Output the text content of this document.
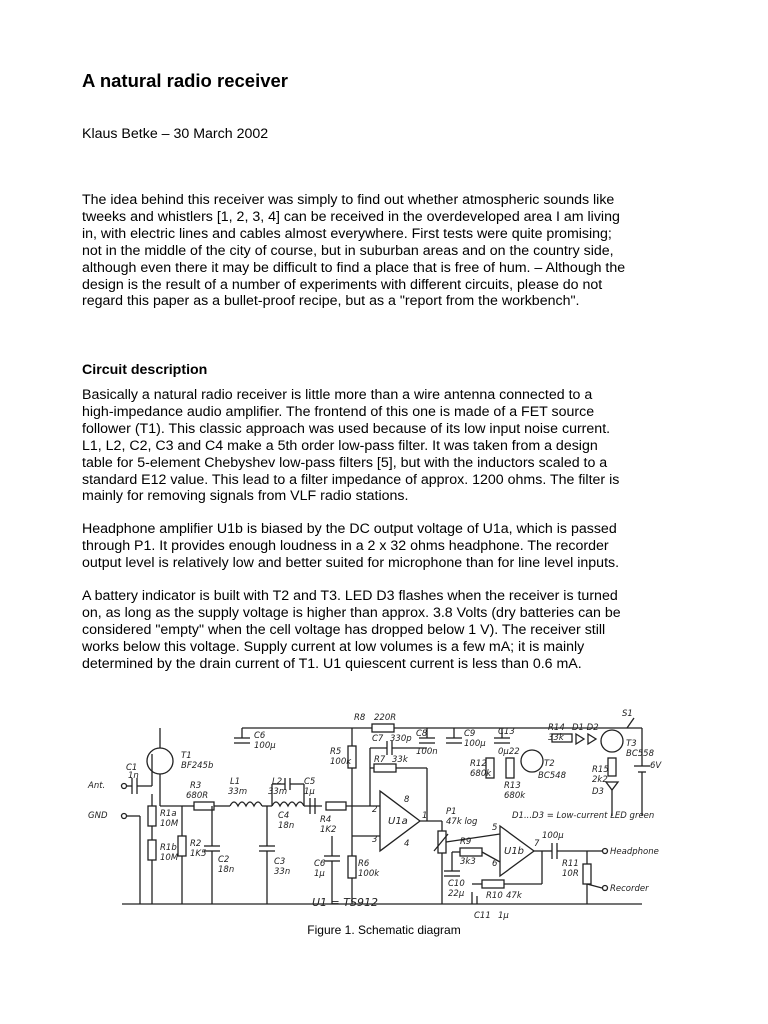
A natural radio receiver

Klaus Betke – 30 March 2002

The idea behind this receiver was simply to find out whether atmospheric sounds like
tweeks and whistlers [1, 2, 3, 4] can be received in the overdeveloped area I am living
in, with electric lines and cables almost everywhere. First tests were quite promising;
not in the middle of the city of course, but in suburban areas and on the country side,
although even there it may be difficult to find a place that is free of hum. – Although the
design is the result of a number of experiments with different circuits, please do not
regard this paper as a bullet-proof recipe, but as a "report from the workbench".

Circuit description

Basically a natural radio receiver is little more than a wire antenna connected to a
high-impedance audio amplifier. The frontend of this one is made of a FET source
follower (T1). This classic approach was used because of its low input noise current.
L1, L2, C2, C3 and C4 make a 5th order low-pass filter. It was taken from a design
table for 5-element Chebyshev low-pass filters [5], but with the inductors scaled to a
standard E12 value. This lead to a filter impedance of approx. 1200 ohms. The filter is
mainly for removing signals from VLF radio stations.

Headphone amplifier U1b is biased by the DC output voltage of U1a, which is passed
through P1. It provides enough loudness in a 2 x 32 ohms headphone. The recorder
output level is relatively low and better suited for microphone than for line level inputs.

A battery indicator is built with T2 and T3. LED D3 flashes when the receiver is turned
on, as long as the supply voltage is higher than approx. 3.8 Volts (dry batteries can be
considered "empty" when the cell voltage has dropped below 1 V). The receiver still
works below this voltage. Supply current at low volumes is a few mA; it is mainly
determined by the drain current of T1. U1 quiescent current is less than 0.6 mA.

T1
BF245b
C1
1n
Ant.
GND	R1a
10M
R1b
10M
R3
680R
R2
1K5
L1
33m
L2
33m
C2
18n
C3
33n
C4
18n
C5
1µ
C6
100µ
R4
1K2
R5
100k
R6
100k
C6
1µ
R7 33k
C7 330p
R8 220R
C8
100n
C9
100µ
C13
0µ22
R14
33k
D1 D2
S1
T3
BC558
6V
R12
680k
R13
680k
T2
BC548
R15
2k2
D3
D1...D3 = Low-current LED green
U1a
U1b
U1 = TS912
P1
47k log
R9
3k3
C10
22µ	R10 47k
C11 1µ
100µ
R11
10R
Headphone
Recorder
2
3
1
8
4
5
6
7
Figure 1. Schematic diagram
